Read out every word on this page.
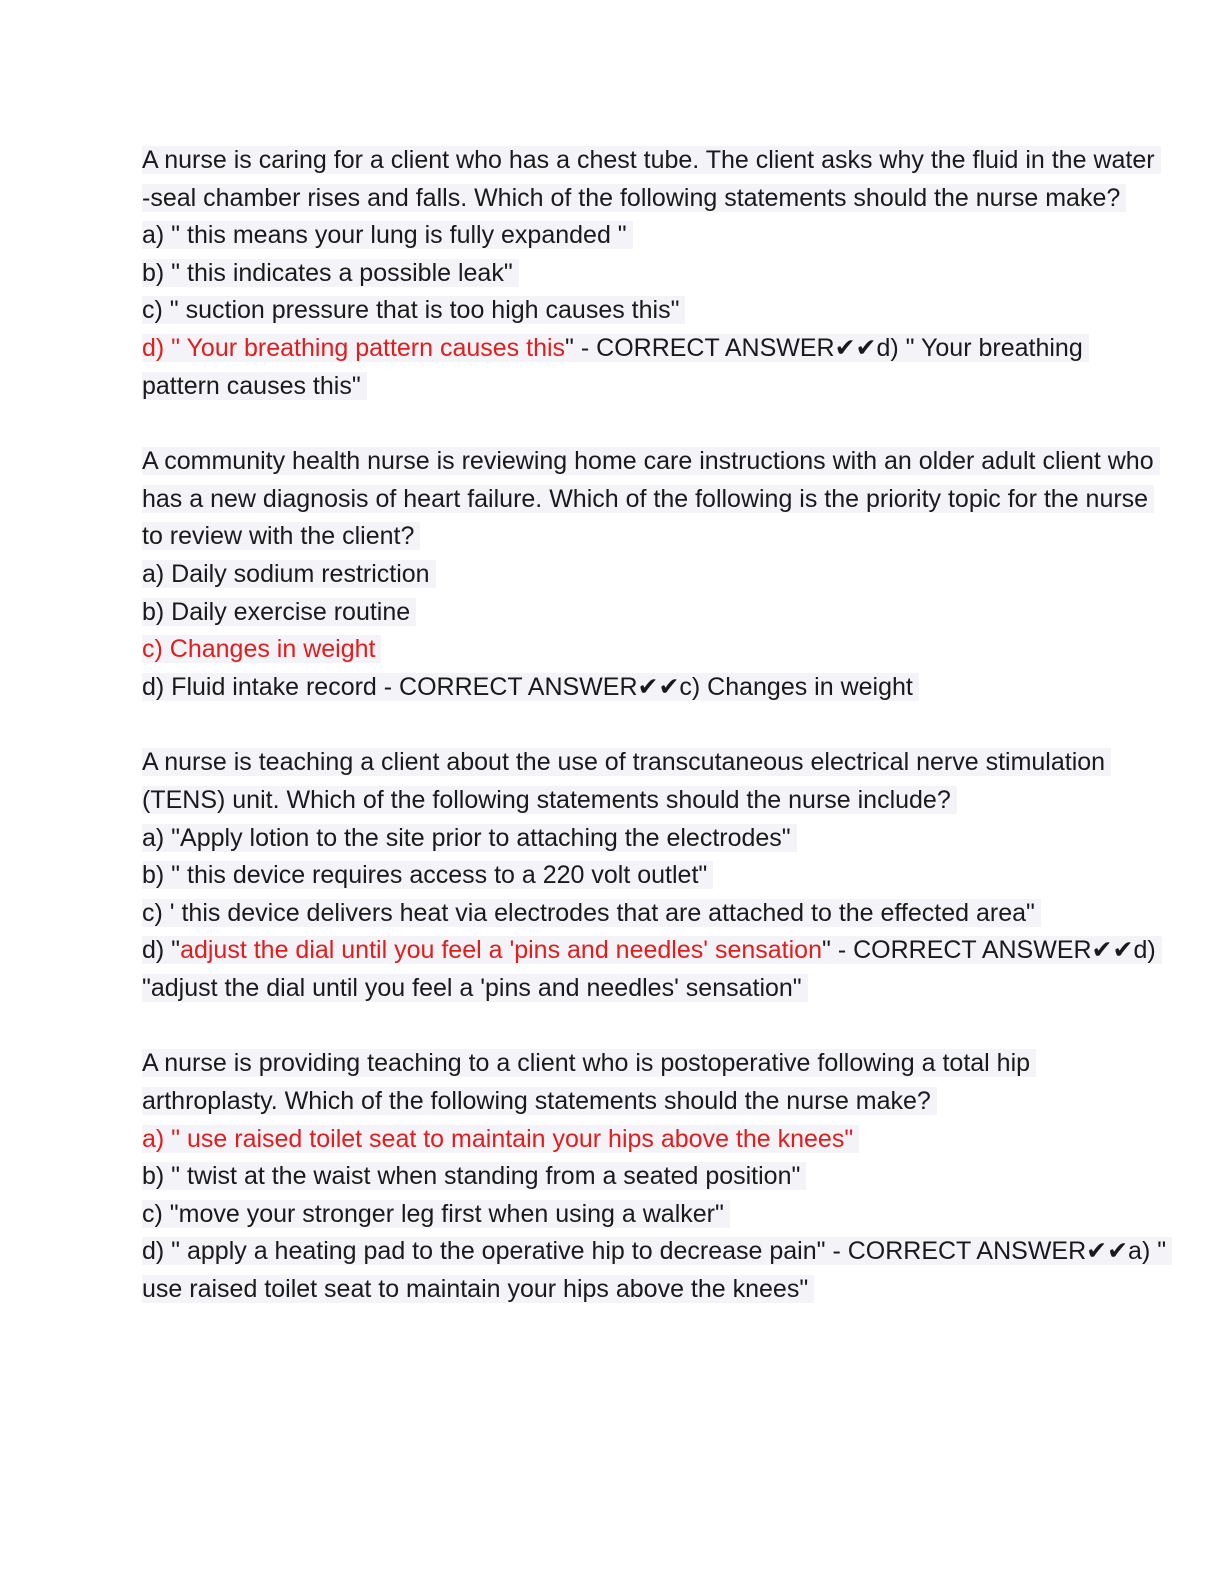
A nurse is caring for a client who has a chest tube. The client asks why the fluid in the water
-seal chamber rises and falls. Which of the following statements should the nurse make?
a) " this means your lung is fully expanded "
b) " this indicates a possible leak"
c) " suction pressure that is too high causes this"
d) " Your breathing pattern causes this" - CORRECT ANSWER✔✔d) " Your breathing
pattern causes this"
A community health nurse is reviewing home care instructions with an older adult client who
has a new diagnosis of heart failure. Which of the following is the priority topic for the nurse
to review with the client?
a) Daily sodium restriction
b) Daily exercise routine
c) Changes in weight
d) Fluid intake record - CORRECT ANSWER✔✔c) Changes in weight
A nurse is teaching a client about the use of transcutaneous electrical nerve stimulation
(TENS) unit. Which of the following statements should the nurse include?
a) "Apply lotion to the site prior to attaching the electrodes"
b) " this device requires access to a 220 volt outlet"
c) ' this device delivers heat via electrodes that are attached to the effected area"
d) "adjust the dial until you feel a 'pins and needles' sensation" - CORRECT ANSWER✔✔d)
"adjust the dial until you feel a 'pins and needles' sensation"
A nurse is providing teaching to a client who is postoperative following a total hip
arthroplasty. Which of the following statements should the nurse make?
a) " use raised toilet seat to maintain your hips above the knees"
b) " twist at the waist when standing from a seated position"
c) "move your stronger leg first when using a walker"
d) " apply a heating pad to the operative hip to decrease pain" - CORRECT ANSWER✔✔a) "
use raised toilet seat to maintain your hips above the knees"
